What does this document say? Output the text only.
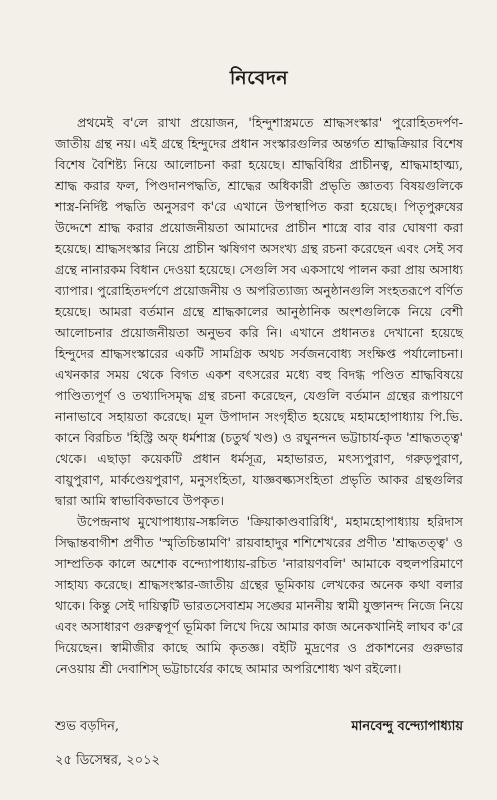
নিবেদন

প্রথমেই ব'লে রাখা প্রয়োজন, 'হিন্দুশাস্ত্রমতে শ্রাদ্ধসংস্কার' পুরোহিতদর্পণ-জাতীয় গ্রন্থ নয়। এই গ্রন্থে হিন্দুদের প্রধান সংস্কারগুলির অন্তর্গত শ্রাদ্ধক্রিয়ার বিশেষ বিশেষ বৈশিষ্ট্য নিয়ে আলোচনা করা হয়েছে। শ্রাদ্ধবিধির প্রাচীনত্ব, শ্রাদ্ধমাহাত্ম্য, শ্রাদ্ধ করার ফল, পিণ্ডদানপদ্ধতি, শ্রাদ্ধের অধিকারী প্রভৃতি জ্ঞাতব্য বিষয়গুলিকে শাস্ত্র-নির্দিষ্ট পদ্ধতি অনুসরণ ক'রে এখানে উপস্থাপিত করা হয়েছে। পিতৃপুরুষের উদ্দেশে শ্রাদ্ধ করার প্রয়োজনীয়তা আমাদের প্রাচীন শাস্ত্রে বার বার ঘোষণা করা হয়েছে। শ্রাদ্ধসংস্কার নিয়ে প্রাচীন ঋষিগণ অসংখ্য গ্রন্থ রচনা করেছেন এবং সেই সব গ্রন্থে নানারকম বিধান দেওয়া হয়েছে। সেগুলি সব একসাথে পালন করা প্রায় অসাধ্য ব্যাপার। পুরোহিতদর্পণে প্রয়োজনীয় ও অপরিত্যাজ্য অনুষ্ঠানগুলি সংহতরূপে বর্ণিত হয়েছে। আমরা বর্তমান গ্রন্থে শ্রাদ্ধকালের আনুষ্ঠানিক অংশগুলিকে নিয়ে বেশী আলোচনার প্রয়োজনীয়তা অনুভব করি নি। এখানে প্রধানতঃ দেখানো হয়েছে হিন্দুদের শ্রাদ্ধসংস্কারের একটি সামগ্রিক অথচ সর্বজনবোধ্য সংক্ষিপ্ত পর্যালোচনা। এখনকার সময় থেকে বিগত একশ বৎসরের মধ্যে বহু বিদগ্ধ পণ্ডিত শ্রাদ্ধবিষয়ে পাণ্ডিত্যপূর্ণ ও তথ্যাদিসমৃদ্ধ গ্রন্থ রচনা করেছেন, যেগুলি বর্তমান গ্রন্থের রূপায়ণে নানাভাবে সহায়তা করেছে। মূল উপাদান সংগৃহীত হয়েছে মহামহোপাধ্যায় পি.ভি. কানে বিরচিত 'হিস্ট্রি অফ্ ধর্মশাস্ত্র (চতুর্থ খণ্ড) ও রঘুনন্দন ভট্টাচার্য-কৃত 'শ্রাদ্ধতত্ত্ব' থেকে। এছাড়া কয়েকটি প্রধান ধর্মসূত্র, মহাভারত, মৎস্যপুরাণ, গরুড়পুরাণ, বায়ুপুরাণ, মার্কণ্ডেয়পুরাণ, মনুসংহিতা, যাজ্ঞবল্ক্যসংহিতা প্রভৃতি আকর গ্রন্থগুলির দ্বারা আমি স্বাভাবিকভাবে উপকৃত।

উপেন্দ্রনাথ মুখোপাধ্যায়-সঙ্কলিত 'ক্রিয়াকাণ্ডবারিধি', মহামহোপাধ্যায় হরিদাস সিদ্ধান্তবাগীশ প্রণীত 'স্মৃতিচিন্তামণি' রায়বাহাদুর শশিশেখরের প্রণীত 'শ্রাদ্ধতত্ত্ব' ও সাম্প্রতিক কালে অশোক বন্দ্যোপাধ্যায়-রচিত 'নারায়ণবলি' আমাকে বহুলপরিমাণে সাহায্য করেছে। শ্রাদ্ধসংস্কার-জাতীয় গ্রন্থের ভূমিকায় লেখকের অনেক কথা বলার থাকে। কিন্তু সেই দায়িত্বটি ভারতসেবাশ্রম সঙ্ঘের মাননীয় স্বামী যুক্তানন্দ নিজে নিয়ে এবং অসাধারণ গুরুত্বপূর্ণ ভূমিকা লিখে দিয়ে আমার কাজ অনেকখানিই লাঘব ক'রে দিয়েছেন। স্বামীজীর কাছে আমি কৃতজ্ঞ। বইটি মুদ্রণের ও প্রকাশনের গুরুভার নেওয়ায় শ্রী দেবাশিস্ ভট্টাচার্যের কাছে আমার অপরিশোধ্য ঋণ রইলো।

শুভ বড়দিন,	মানবেন্দু বন্দ্যোপাধ্যায়
২৫ ডিসেম্বর, ২০১২
